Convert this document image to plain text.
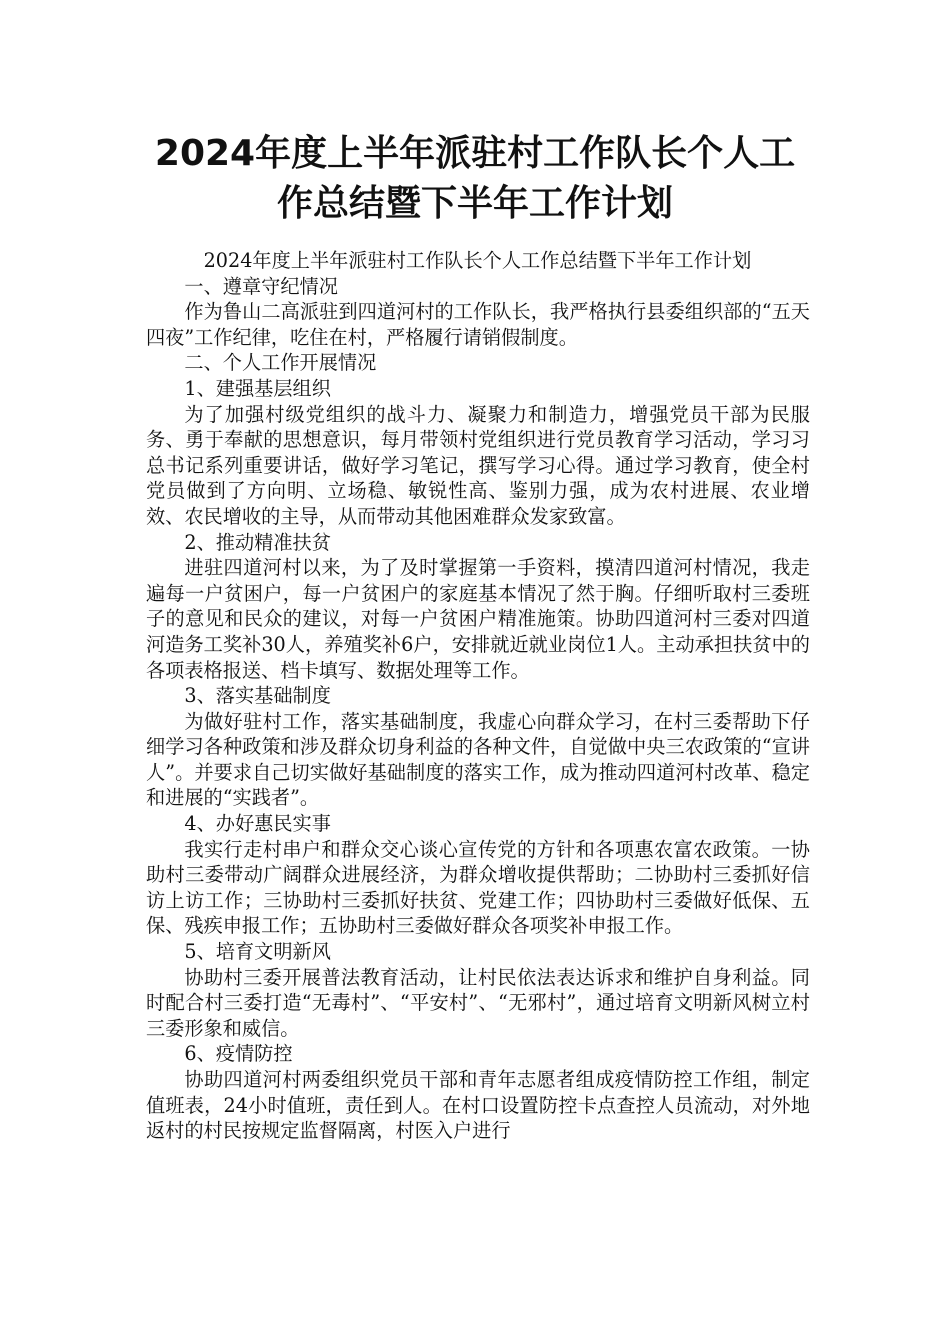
2024年度上半年派驻村工作队长个人工
作总结暨下半年工作计划

2024年度上半年派驻村工作队长个人工作总结暨下半年工作计划

一、遵章守纪情况

作为鲁山二高派驻到四道河村的工作队长，我严格执行县委组织部的“五天四夜”工作纪律，吃住在村，严格履行请销假制度。

二、个人工作开展情况

1、建强基层组织

为了加强村级党组织的战斗力、凝聚力和制造力，增强党员干部为民服务、勇于奉献的思想意识，每月带领村党组织进行党员教育学习活动，学习习总书记系列重要讲话，做好学习笔记，撰写学习心得。通过学习教育，使全村党员做到了方向明、立场稳、敏锐性高、鉴别力强，成为农村进展、农业增效、农民增收的主导，从而带动其他困难群众发家致富。

2、推动精准扶贫

进驻四道河村以来，为了及时掌握第一手资料，摸清四道河村情况，我走遍每一户贫困户，每一户贫困户的家庭基本情况了然于胸。仔细听取村三委班子的意见和民众的建议，对每一户贫困户精准施策。协助四道河村三委对四道河造务工奖补30人，养殖奖补6户，安排就近就业岗位1人。主动承担扶贫中的各项表格报送、档卡填写、数据处理等工作。

3、落实基础制度

为做好驻村工作，落实基础制度，我虚心向群众学习，在村三委帮助下仔细学习各种政策和涉及群众切身利益的各种文件，自觉做中央三农政策的“宣讲人”。并要求自己切实做好基础制度的落实工作，成为推动四道河村改革、稳定和进展的“实践者”。

4、办好惠民实事

我实行走村串户和群众交心谈心宣传党的方针和各项惠农富农政策。一协助村三委带动广阔群众进展经济，为群众增收提供帮助；二协助村三委抓好信访上访工作；三协助村三委抓好扶贫、党建工作；四协助村三委做好低保、五保、残疾申报工作；五协助村三委做好群众各项奖补申报工作。

5、培育文明新风

协助村三委开展普法教育活动，让村民依法表达诉求和维护自身利益。同时配合村三委打造“无毒村”、“平安村”、“无邪村”，通过培育文明新风树立村三委形象和威信。

6、疫情防控

协助四道河村两委组织党员干部和青年志愿者组成疫情防控工作组，制定值班表，24小时值班，责任到人。在村口设置防控卡点查控人员流动，对外地返村的村民按规定监督隔离，村医入户进行
